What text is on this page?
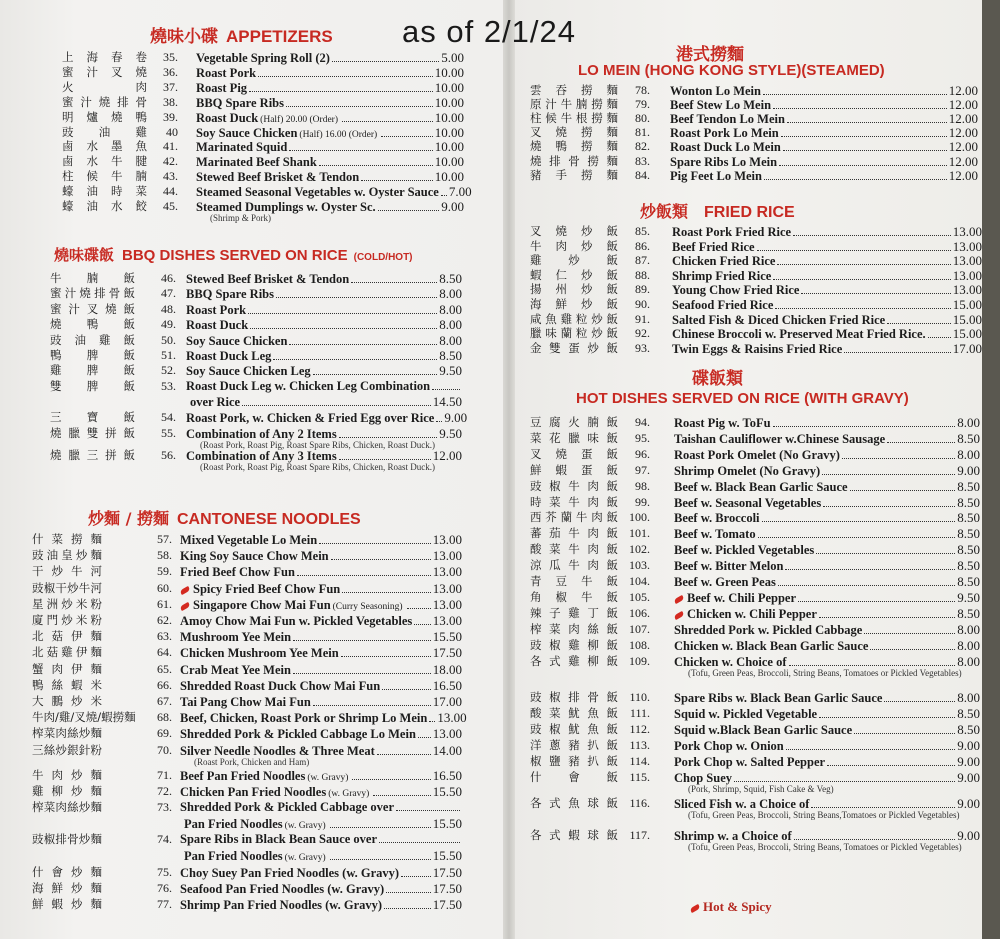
as of 2/1/24
燒味小碟 APPETIZERS
燒味碟飯 BBQ DISHES SERVED ON RICE (COLD/HOT)
炒麵 / 撈麵 CANTONESE NOODLES
港式撈麵
LO MEIN (HONG KONG STYLE)(STEAMED)
炒飯類 FRIED RICE
碟飯類
HOT DISHES SERVED ON RICE (WITH GRAVY)
上海春卷	35. Vegetable Spring Roll (2)	5.00
蜜汁叉燒	36. Roast Pork	10.00
火 肉	37. Roast Pig	10.00
蜜汁燒排骨	38. BBQ Spare Ribs	10.00
明爐燒鴨	39. Roast Duck (Half) 20.00 (Order)	10.00
豉油雞	40 Soy Sauce Chicken (Half) 16.00 (Order)	10.00
鹵水墨魚	41. Marinated Squid	10.00
鹵水牛腱	42. Marinated Beef Shank	10.00
柱候牛腩	43. Stewed Beef Brisket & Tendon	10.00
蠔油時菜	44. Steamed Seasonal Vegetables w. Oyster Sauce 7.00
蠔油水餃	45. Steamed Dumplings w. Oyster Sc.	9.00
(Shrimp & Pork)
牛腩飯	46. Stewed Beef Brisket & Tendon	8.50
蜜汁燒排骨飯	47. BBQ Spare Ribs	8.00
蜜汁叉燒飯	48. Roast Pork	8.00
燒鴨飯	49. Roast Duck	8.00
豉油雞飯	50. Soy Sauce Chicken	8.00
鴨脾飯	51. Roast Duck Leg	8.50
雞脾飯	52. Soy Sauce Chicken Leg	9.50
雙脾飯	53. Roast Duck Leg w. Chicken Leg Combination
over Rice	14.50
三寶飯	54. Roast Pork, w. Chicken & Fried Egg over Rice 9.00
燒臘雙拼飯	55. Combination of Any 2 Items	9.50
(Roast Pork, Roast Pig, Roast Spare Ribs, Chicken, Roast Duck.)
燒臘三拼飯	56. Combination of Any 3 Items	12.00
(Roast Pork, Roast Pig, Roast Spare Ribs, Chicken, Roast Duck.)
什菜撈麵	57. Mixed Vegetable Lo Mein	13.00
豉油皇炒麵	58. King Soy Sauce Chow Mein	13.00
干炒牛河	59. Fried Beef Chow Fun	13.00
豉椒干炒牛河	60. Spicy Fried Beef Chow Fun	13.00
星洲炒米粉	61. Singapore Chow Mai Fun (Curry Seasoning) 13.00
廈門炒米粉	62. Amoy Chow Mai Fun w. Pickled Vegetables 13.00
北菇伊麵	63. Mushroom Yee Mein	15.50
北菇雞伊麵	64. Chicken Mushroom Yee Mein	17.50
蟹肉伊麵	65. Crab Meat Yee Mein	18.00
鴨絲蝦米	66. Shredded Roast Duck Chow Mai Fun	16.50
大鵬炒米	67. Tai Pang Chow Mai Fun	17.00
牛肉/雞/叉燒/蝦撈麵	68. Beef, Chicken, Roast Pork or Shrimp Lo Mein 13.00
榨菜肉絲炒麵	69. Shredded Pork & Pickled Cabbage Lo Mein 13.00
三絲炒銀針粉	70. Silver Needle Noodles & Three Meat	14.00
(Roast Pork, Chicken and Ham)
牛肉炒麵	71. Beef Pan Fried Noodles (w. Gravy)	16.50
雞柳炒麵	72. Chicken Pan Fried Noodles (w. Gravy)	15.50
榨菜肉絲炒麵	73. Shredded Pork & Pickled Cabbage over
Pan Fried Noodles (w. Gravy)	15.50
豉椒排骨炒麵	74. Spare Ribs in Black Bean Sauce over
Pan Fried Noodles (w. Gravy)	15.50
什會炒麵	75. Choy Suey Pan Fried Noodles (w. Gravy)	17.50
海鮮炒麵	76. Seafood Pan Fried Noodles (w. Gravy)	17.50
鮮蝦炒麵	77. Shrimp Pan Fried Noodles (w. Gravy)	17.50
雲吞撈麵	78. Wonton Lo Mein	12.00
原汁牛腩撈麵	79. Beef Stew Lo Mein	12.00
柱候牛根撈麵	80. Beef Tendon Lo Mein	12.00
叉燒撈麵	81. Roast Pork Lo Mein	12.00
燒鴨撈麵	82. Roast Duck Lo Mein	12.00
燒排骨撈麵	83. Spare Ribs Lo Mein	12.00
豬手撈麵	84. Pig Feet Lo Mein	12.00
叉燒炒飯	85. Roast Pork Fried Rice	13.00
牛肉炒飯	86. Beef Fried Rice	13.00
雞炒飯	87. Chicken Fried Rice	13.00
蝦仁炒飯	88. Shrimp Fried Rice	13.00
揚州炒飯	89. Young Chow Fried Rice	13.00
海鮮炒飯	90. Seafood Fried Rice	15.00
咸魚雞粒炒飯	91. Salted Fish & Diced Chicken Fried Rice	15.00
臘味蘭粒炒飯	92. Chinese Broccoli w. Preserved Meat Fried Rice. 15.00
金雙蛋炒飯	93. Twin Eggs & Raisins Fried Rice	17.00
豆腐火腩飯	94. Roast Pig w. ToFu	8.00
菜花臘味飯	95. Taishan Cauliflower w.Chinese Sausage	8.50
叉燒蛋飯	96. Roast Pork Omelet (No Gravy)	8.00
鮮蝦蛋飯	97. Shrimp Omelet (No Gravy)	9.00
豉椒牛肉飯	98. Beef w. Black Bean Garlic Sauce	8.50
時菜牛肉飯	99. Beef w. Seasonal Vegetables	8.50
西芥蘭牛肉飯 100. Beef w. Broccoli	8.50
蕃茄牛肉飯 101. Beef w. Tomato	8.50
酸菜牛肉飯 102. Beef w. Pickled Vegetables	8.50
涼瓜牛肉飯 103. Beef w. Bitter Melon	8.50
青豆牛飯 104. Beef w. Green Peas	8.50
角椒牛飯 105.	Beef w. Chili Pepper	9.50
辣子雞丁飯 106.	Chicken w. Chili Pepper	8.50
榨菜肉絲飯 107. Shredded Pork w. Pickled Cabbage	8.00
豉椒雞柳飯 108. Chicken w. Black Bean Garlic Sauce	8.00
各式雞柳飯 109. Chicken w. Choice of	8.00
(Tofu, Green Peas, Broccoli, String Beans, Tomatoes or Pickled Vegetables)
豉椒排骨飯 110. Spare Ribs w. Black Bean Garlic Sauce	8.00
酸菜魷魚飯 111. Squid w. Pickled Vegetable	8.50
豉椒魷魚飯 112. Squid w.Black Bean Garlic Sauce	8.50
洋蔥豬扒飯 113. Pork Chop w. Onion	9.00
椒鹽豬扒飯 114. Pork Chop w. Salted Pepper	9.00
什會飯 115. Chop Suey	9.00
(Pork, Shrimp, Squid, Fish Cake & Veg)
各式魚球飯 116. Sliced Fish w. a Choice of	9.00
(Tofu, Green Peas, Broccoli, String Beans,Tomatoes or Pickled Vegetables)
各式蝦球飯 117. Shrimp w. a Choice of	9.00
(Tofu, Green Peas, Broccoli, String Beans, Tomatoes or Pickled Vegetables)
Hot & Spicy
